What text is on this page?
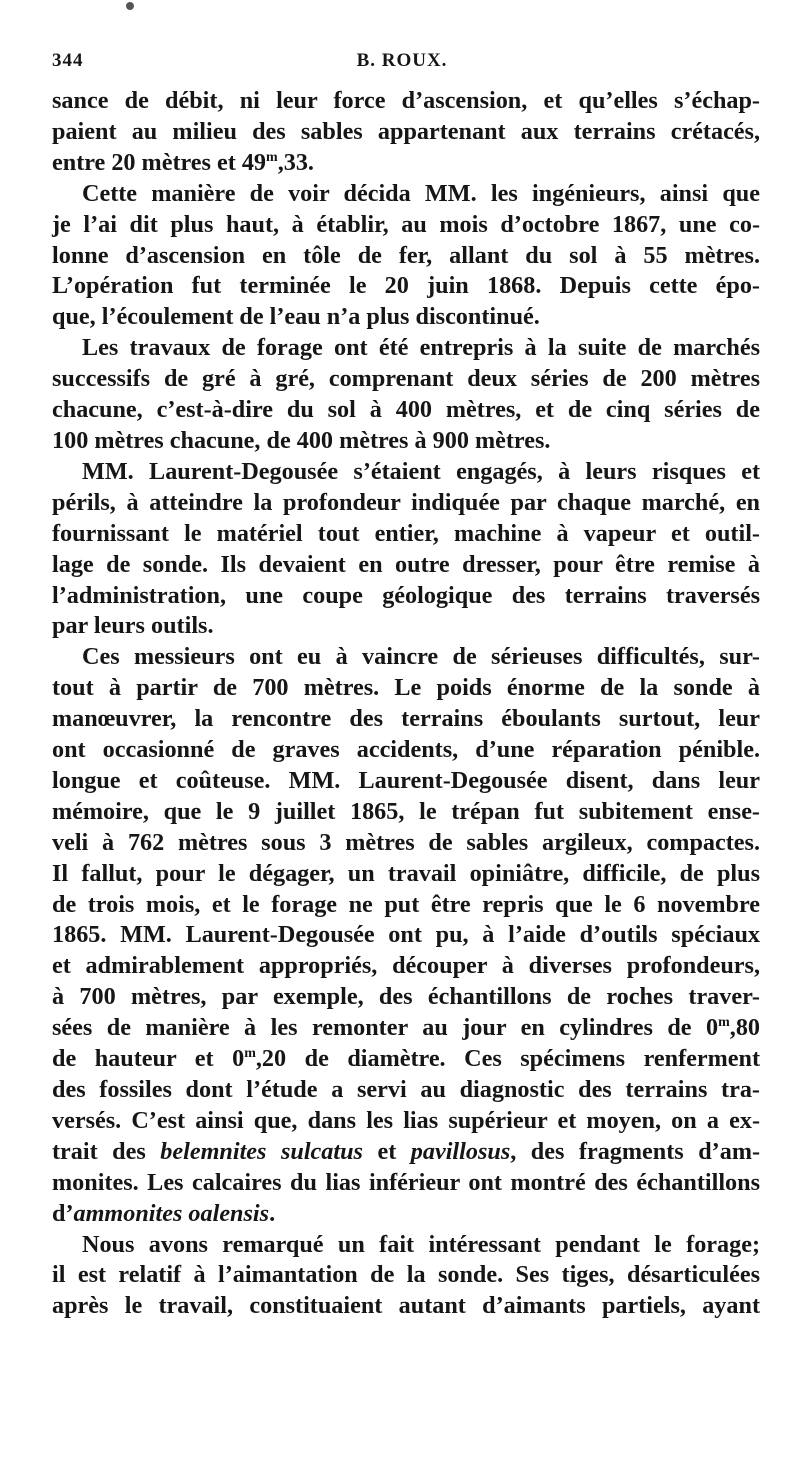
344	B. ROUX.
sance de débit, ni leur force d’ascension, et qu’elles s’échap-
paient au milieu des sables appartenant aux terrains crétacés,
entre 20 mètres et 49$^m$,33.
Cette manière de voir décida MM. les ingénieurs, ainsi que
je l’ai dit plus haut, à établir, au mois d’octobre 1867, une co-
lonne d’ascension en tôle de fer, allant du sol à 55 mètres.
L’opération fut terminée le 20 juin 1868. Depuis cette épo-
que, l’écoulement de l’eau n’a plus discontinué.
Les travaux de forage ont été entrepris à la suite de marchés
successifs de gré à gré, comprenant deux séries de 200 mètres
chacune, c’est-à-dire du sol à 400 mètres, et de cinq séries de
100 mètres chacune, de 400 mètres à 900 mètres.
MM. Laurent-Degousée s’étaient engagés, à leurs risques et
périls, à atteindre la profondeur indiquée par chaque marché, en
fournissant le matériel tout entier, machine à vapeur et outil-
lage de sonde. Ils devaient en outre dresser, pour être remise à
l’administration, une coupe géologique des terrains traversés
par leurs outils.
Ces messieurs ont eu à vaincre de sérieuses difficultés, sur-
tout à partir de 700 mètres. Le poids énorme de la sonde à
manœuvrer, la rencontre des terrains éboulants surtout, leur
ont occasionné de graves accidents, d’une réparation pénible.
longue et coûteuse. MM. Laurent-Degousée disent, dans leur
mémoire, que le 9 juillet 1865, le trépan fut subitement ense-
veli à 762 mètres sous 3 mètres de sables argileux, compactes.
Il fallut, pour le dégager, un travail opiniâtre, difficile, de plus
de trois mois, et le forage ne put être repris que le 6 novembre
1865. MM. Laurent-Degousée ont pu, à l’aide d’outils spéciaux
et admirablement appropriés, découper à diverses profondeurs,
à 700 mètres, par exemple, des échantillons de roches traver-
sées de manière à les remonter au jour en cylindres de 0$^m$,80
de hauteur et 0$^m$,20 de diamètre. Ces spécimens renferment
des fossiles dont l’étude a servi au diagnostic des terrains tra-
versés. C’est ainsi que, dans les lias supérieur et moyen, on a ex-
trait des belemnites sulcatus et pavillosus, des fragments d’am-
monites. Les calcaires du lias inférieur ont montré des échantillons
d’ammonites oalensis.
Nous avons remarqué un fait intéressant pendant le forage;
il est relatif à l’aimantation de la sonde. Ses tiges, désarticulées
après le travail, constituaient autant d’aimants partiels, ayant
